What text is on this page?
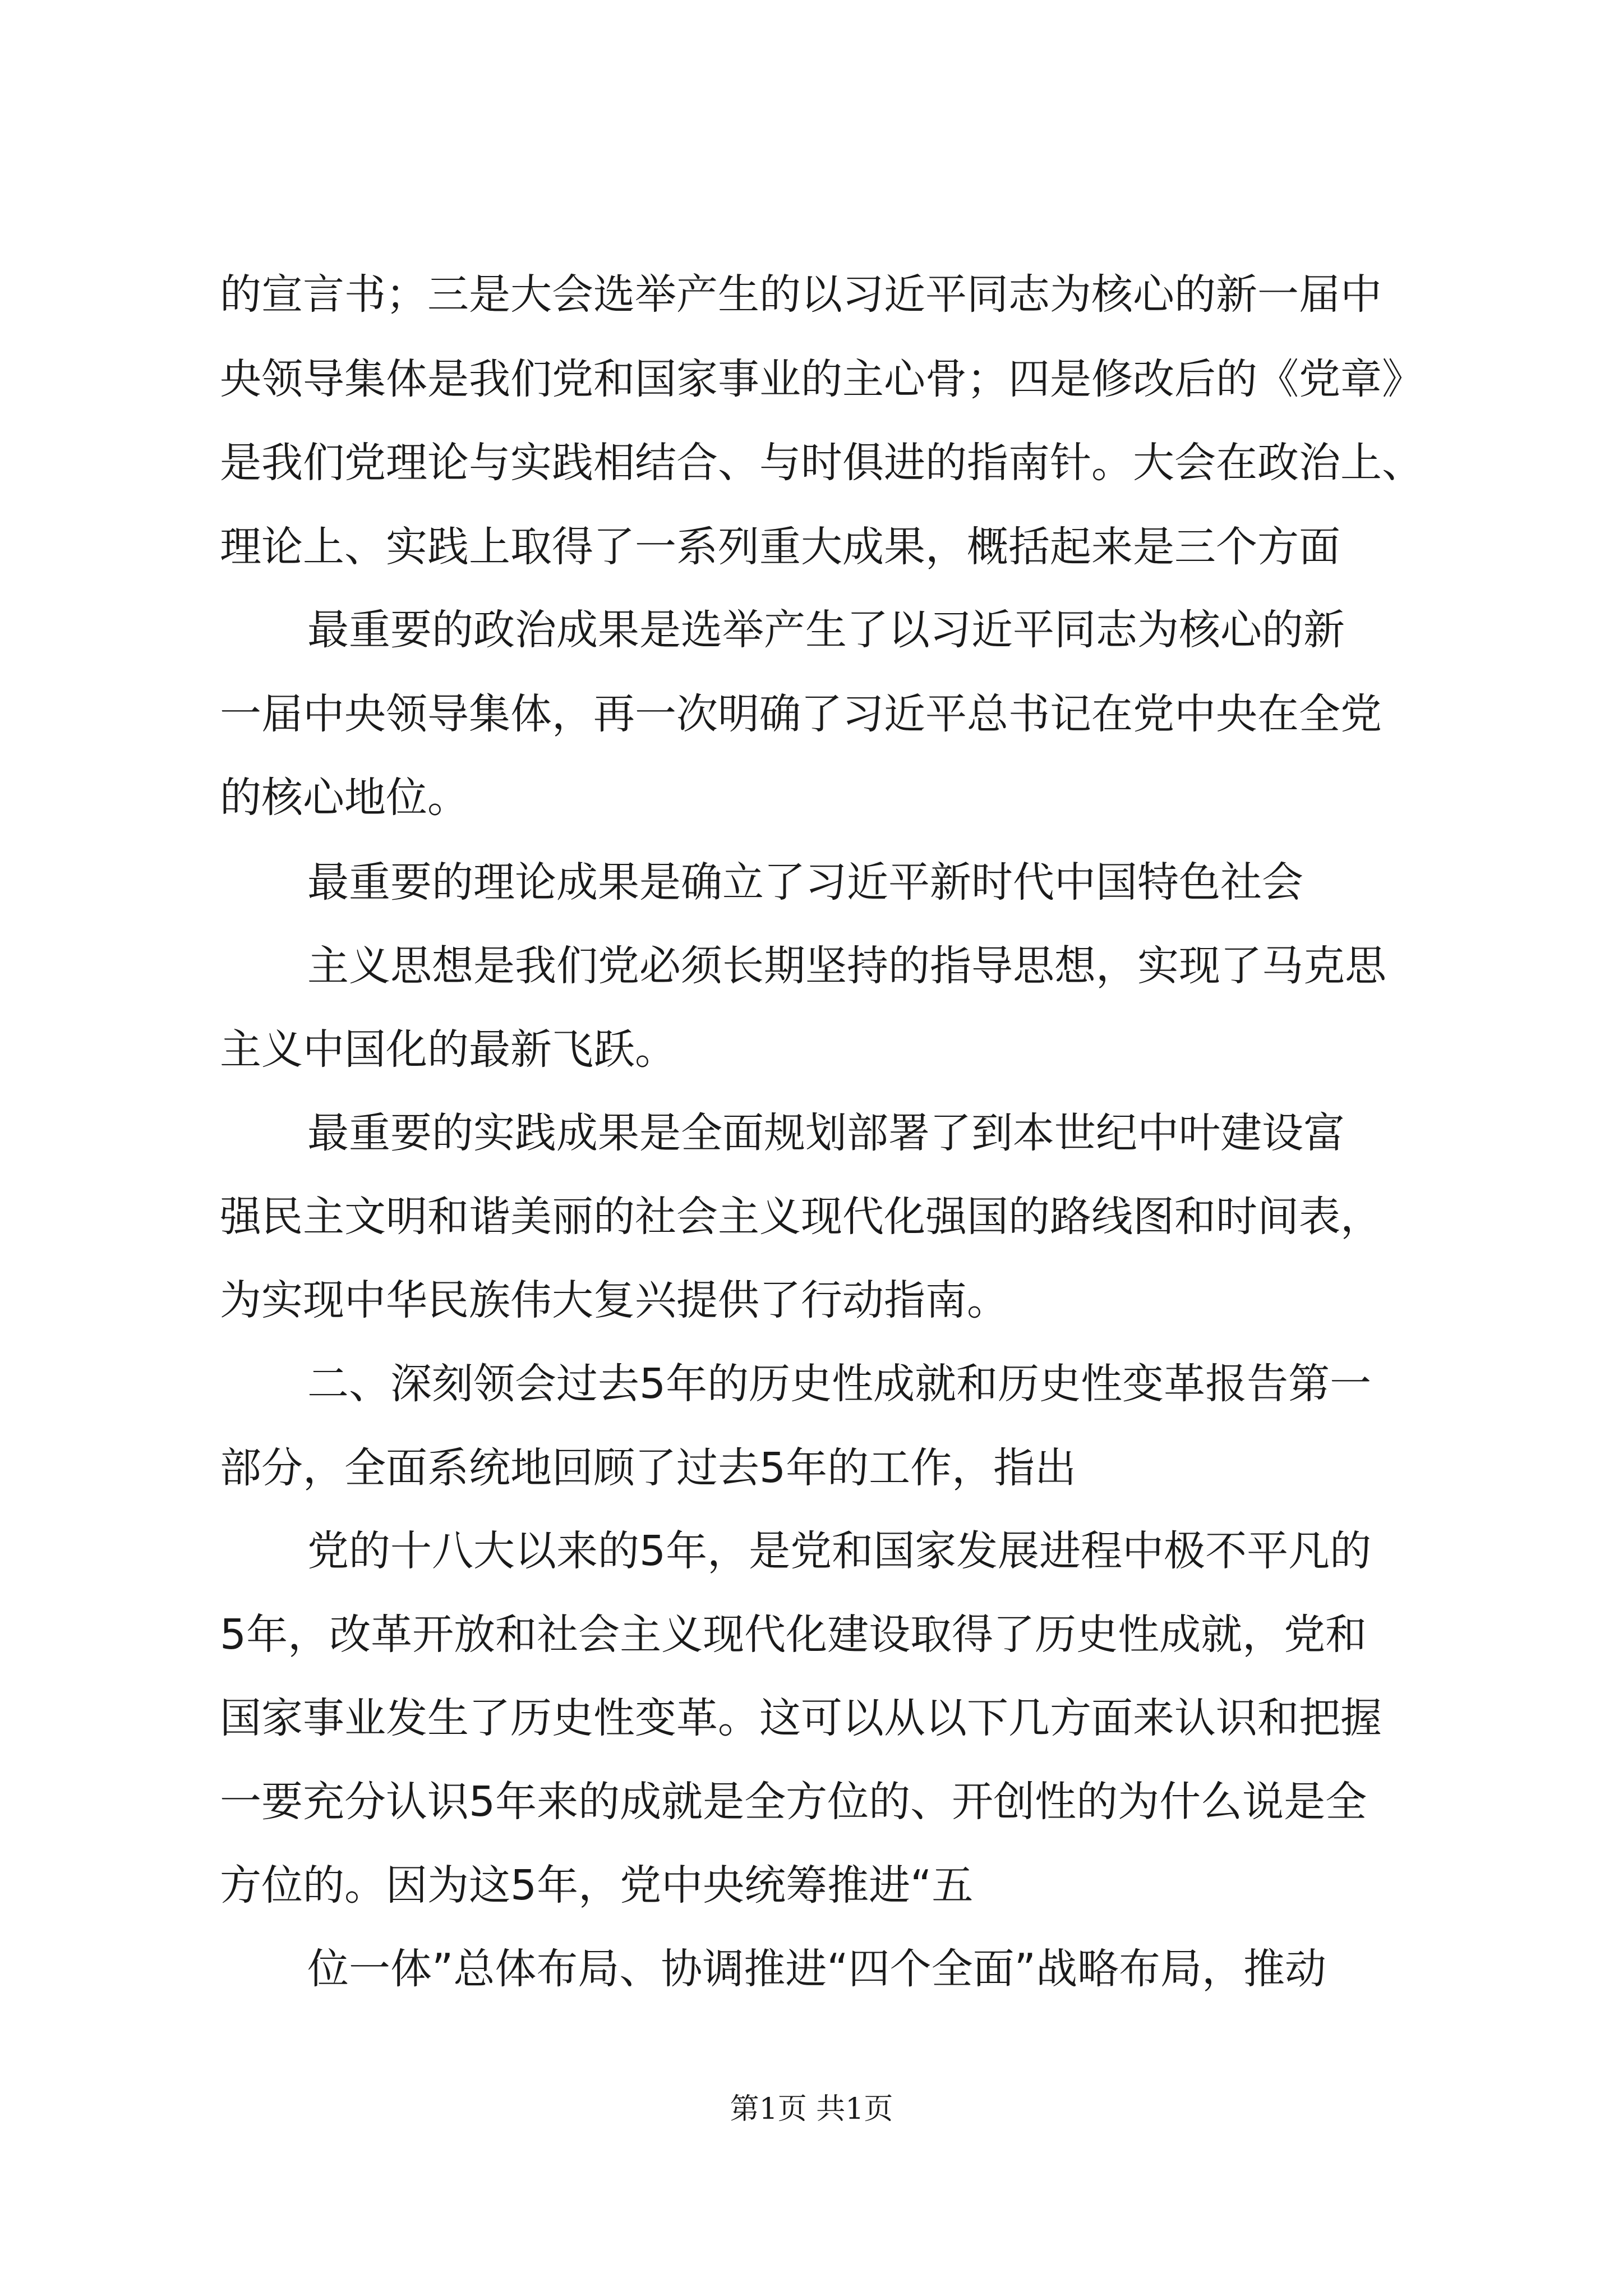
的宣言书；三是大会选举产生的以习近平同志为核心的新一届中
央领导集体是我们党和国家事业的主心骨；四是修改后的《党章》
是我们党理论与实践相结合、与时俱进的指南针。大会在政治上、
理论上、实践上取得了一系列重大成果，概括起来是三个方面
最重要的政治成果是选举产生了以习近平同志为核心的新
一届中央领导集体，再一次明确了习近平总书记在党中央在全党
的核心地位。
最重要的理论成果是确立了习近平新时代中国特色社会
主义思想是我们党必须长期坚持的指导思想，实现了马克思
主义中国化的最新飞跃。
最重要的实践成果是全面规划部署了到本世纪中叶建设富
强民主文明和谐美丽的社会主义现代化强国的路线图和时间表，
为实现中华民族伟大复兴提供了行动指南。
二、深刻领会过去5年的历史性成就和历史性变革报告第一
部分，全面系统地回顾了过去5年的工作，指出
党的十八大以来的5年，是党和国家发展进程中极不平凡的
5年，改革开放和社会主义现代化建设取得了历史性成就，党和
国家事业发生了历史性变革。这可以从以下几方面来认识和把握
一要充分认识5年来的成就是全方位的、开创性的为什么说是全
方位的。因为这5年，党中央统筹推进“五
位一体”总体布局、协调推进“四个全面”战略布局，推动
第1页 共1页
